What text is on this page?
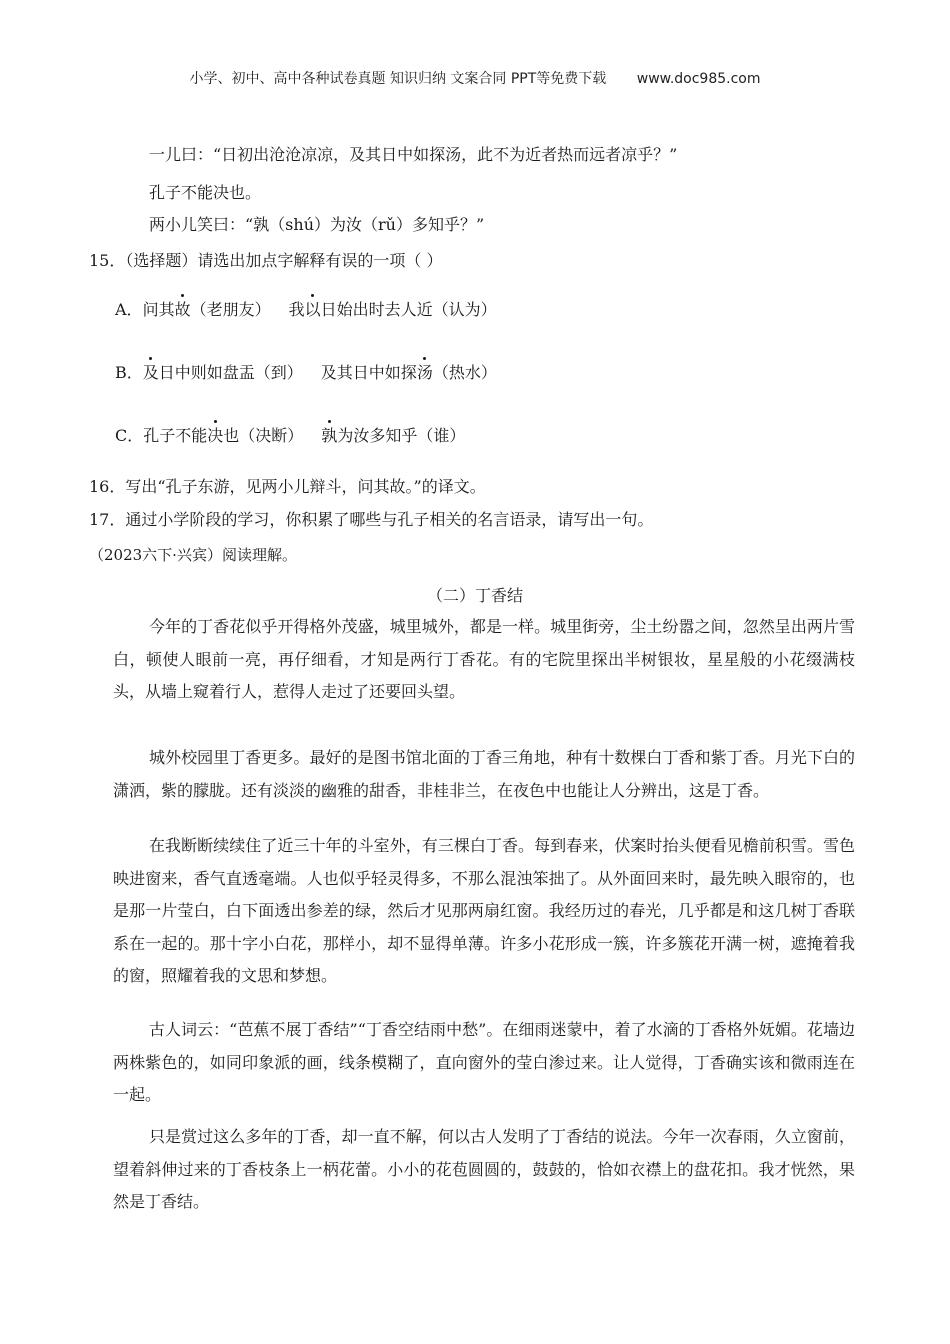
小学、初中、高中各种试卷真题 知识归纳 文案合同 PPT等免费下载 www.doc985.com
一儿曰：“日初出沧沧凉凉，及其日中如探汤，此不为近者热而远者凉乎？”
孔子不能决也。
两小儿笑曰：“孰（shú）为汝（rǔ）多知乎？”
15．（选择题）请选出加点字解释有误的一项（ ）
A．问其故（老朋友） 我以日始出时去人近（认为）
B．及日中则如盘盂（到） 及其日中如探汤（热水）
C．孔子不能决也（决断） 孰为汝多知乎（谁）
16．写出“孔子东游，见两小儿辩斗，问其故。”的译文。
17．通过小学阶段的学习，你积累了哪些与孔子相关的名言语录，请写出一句。
（2023六下·兴宾）阅读理解。
（二）丁香结

今年的丁香花似乎开得格外茂盛，城里城外，都是一样。城里街旁，尘土纷嚣之间，忽然呈出两片雪白，顿使人眼前一亮，再仔细看，才知是两行丁香花。有的宅院里探出半树银妆，星星般的小花缀满枝头，从墙上窥着行人，惹得人走过了还要回头望。

城外校园里丁香更多。最好的是图书馆北面的丁香三角地，种有十数棵白丁香和紫丁香。月光下白的潇洒，紫的朦胧。还有淡淡的幽雅的甜香，非桂非兰，在夜色中也能让人分辨出，这是丁香。

在我断断续续住了近三十年的斗室外，有三棵白丁香。每到春来，伏案时抬头便看见檐前积雪。雪色映进窗来，香气直透毫端。人也似乎轻灵得多，不那么混浊笨拙了。从外面回来时，最先映入眼帘的，也是那一片莹白，白下面透出参差的绿，然后才见那两扇红窗。我经历过的春光，几乎都是和这几树丁香联系在一起的。那十字小白花，那样小，却不显得单薄。许多小花形成一簇，许多簇花开满一树，遮掩着我的窗，照耀着我的文思和梦想。

古人词云：“芭蕉不展丁香结”“丁香空结雨中愁”。在细雨迷蒙中，着了水滴的丁香格外妩媚。花墙边两株紫色的，如同印象派的画，线条模糊了，直向窗外的莹白渗过来。让人觉得，丁香确实该和微雨连在一起。

只是赏过这么多年的丁香，却一直不解，何以古人发明了丁香结的说法。今年一次春雨，久立窗前，望着斜伸过来的丁香枝条上一柄花蕾。小小的花苞圆圆的，鼓鼓的，恰如衣襟上的盘花扣。我才恍然，果然是丁香结。
